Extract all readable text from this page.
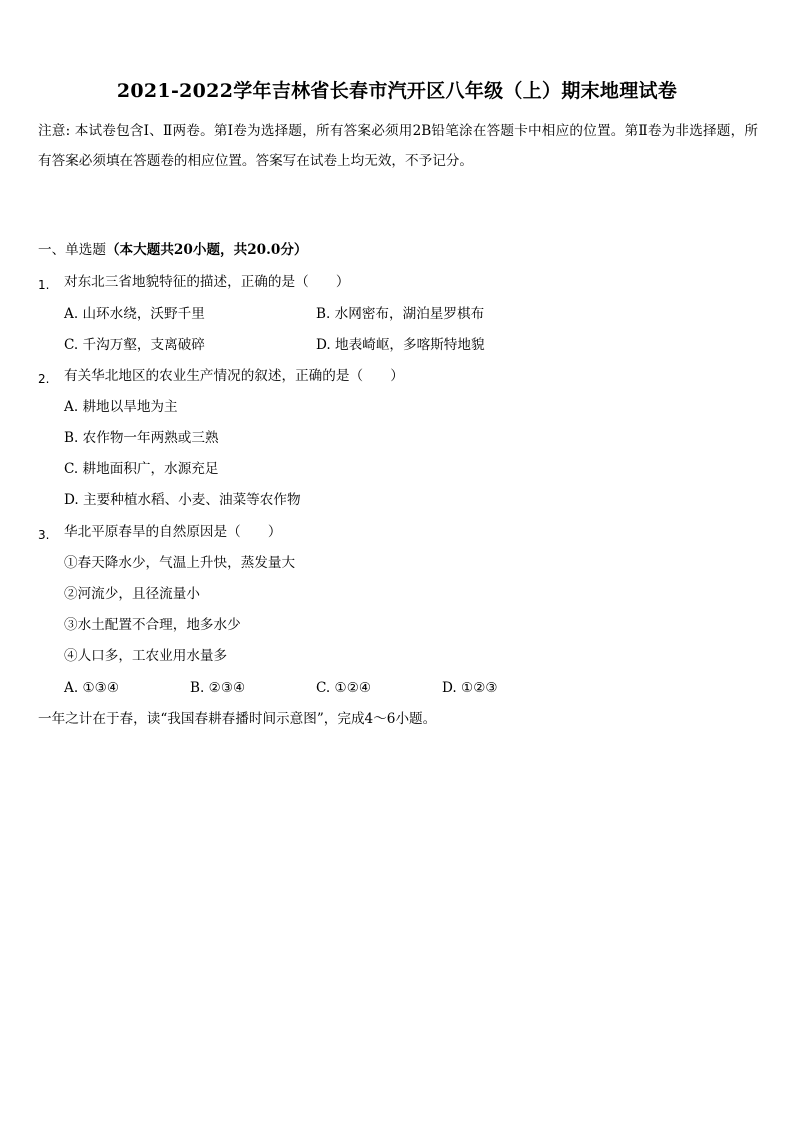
2021-2022学年吉林省长春市汽开区八年级（上）期末地理试卷
注意: 本试卷包含Ⅰ、Ⅱ两卷。第Ⅰ卷为选择题，所有答案必须用2B铅笔涂在答题卡中相应的位置。第Ⅱ卷为非选择题，所有答案必须填在答题卷的相应位置。答案写在试卷上均无效，不予记分。
一、单选题（本大题共20小题，共20.0分）
1. 对东北三省地貌特征的描述，正确的是（　　）
A. 山环水绕，沃野千里	B. 水网密布，湖泊星罗棋布
C. 千沟万壑，支离破碎	D. 地表崎岖，多喀斯特地貌
2. 有关华北地区的农业生产情况的叙述，正确的是（　　）
A. 耕地以旱地为主
B. 农作物一年两熟或三熟
C. 耕地面积广，水源充足
D. 主要种植水稻、小麦、油菜等农作物
3. 华北平原春旱的自然原因是（　　）
①春天降水少，气温上升快，蒸发量大
②河流少，且径流量小
③水土配置不合理，地多水少
④人口多，工农业用水量多
A. ①③④	B. ②③④	C. ①②④	D. ①②③
一年之计在于春，读“我国春耕春播时间示意图”，完成4～6小题。
